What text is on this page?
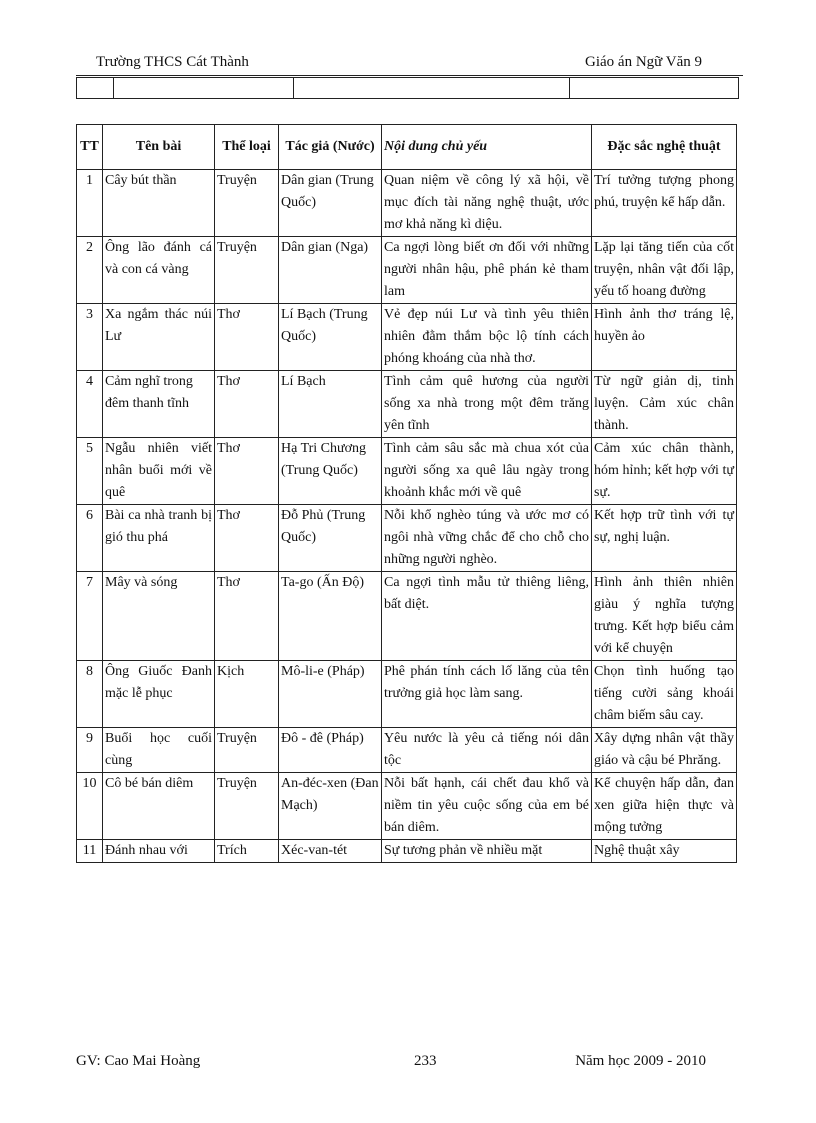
Trường THCS Cát Thành	Giáo án Ngữ Văn 9
TT	Tên bài	Thể loại	Tác giả (Nước)	Nội dung chủ yếu	Đặc sắc nghệ thuật
1	Cây bút thần	Truyện	Dân gian (Trung Quốc)	Quan niệm về công lý xã hội, về mục đích tài năng nghệ thuật, ước mơ khả năng kì diệu.	Trí tưởng tượng phong phú, truyện kể hấp dẫn.
2	Ông lão đánh cá và con cá vàng	Truyện	Dân gian (Nga)	Ca ngợi lòng biết ơn đối với những người nhân hậu, phê phán kẻ tham lam	Lặp lại tăng tiến của cốt truyện, nhân vật đối lập, yếu tố hoang đường
3	Xa ngắm thác núi Lư	Thơ	Lí Bạch (Trung Quốc)	Vẻ đẹp núi Lư và tình yêu thiên nhiên đằm thắm bộc lộ tính cách phóng khoáng của nhà thơ.	Hình ảnh thơ tráng lệ, huyền ảo
4	Cảm nghĩ trong đêm thanh tĩnh	Thơ	Lí Bạch	Tình cảm quê hương của người sống xa nhà trong một đêm trăng yên tĩnh	Từ ngữ giản dị, tinh luyện. Cảm xúc chân thành.
5	Ngẫu nhiên viết nhân buổi mới về quê	Thơ	Hạ Tri Chương (Trung Quốc)	Tình cảm sâu sắc mà chua xót của người sống xa quê lâu ngày trong khoảnh khắc mới về quê	Cảm xúc chân thành, hóm hỉnh; kết hợp với tự sự.
6	Bài ca nhà tranh bị gió thu phá	Thơ	Đỗ Phủ (Trung Quốc)	Nỗi khổ nghèo túng và ước mơ có ngôi nhà vững chắc để cho chỗ cho những người nghèo.	Kết hợp trữ tình với tự sự, nghị luận.
7	Mây và sóng	Thơ	Ta-go (Ấn Độ)	Ca ngợi tình mẫu tử thiêng liêng, bất diệt.	Hình ảnh thiên nhiên giàu ý nghĩa tượng trưng. Kết hợp biểu cảm với kể chuyện
8	Ông Giuốc Đanh mặc lễ phục	Kịch	Mô-li-e (Pháp)	Phê phán tính cách lố lăng của tên trưởng giả học làm sang.	Chọn tình huống tạo tiếng cười sảng khoái châm biếm sâu cay.
9	Buổi học cuối cùng	Truyện	Đô - đê (Pháp)	Yêu nước là yêu cả tiếng nói dân tộc	Xây dựng nhân vật thầy giáo và cậu bé Phrăng.
10	Cô bé bán diêm	Truyện	An-đéc-xen (Đan Mạch)	Nỗi bất hạnh, cái chết đau khổ và niềm tin yêu cuộc sống của em bé bán diêm.	Kể chuyện hấp dẫn, đan xen giữa hiện thực và mộng tưởng
11	Đánh nhau với	Trích	Xéc-van-tét	Sự tương phản về nhiều mặt	Nghệ thuật xây
GV: Cao Mai Hoàng	233	Năm học 2009 - 2010
